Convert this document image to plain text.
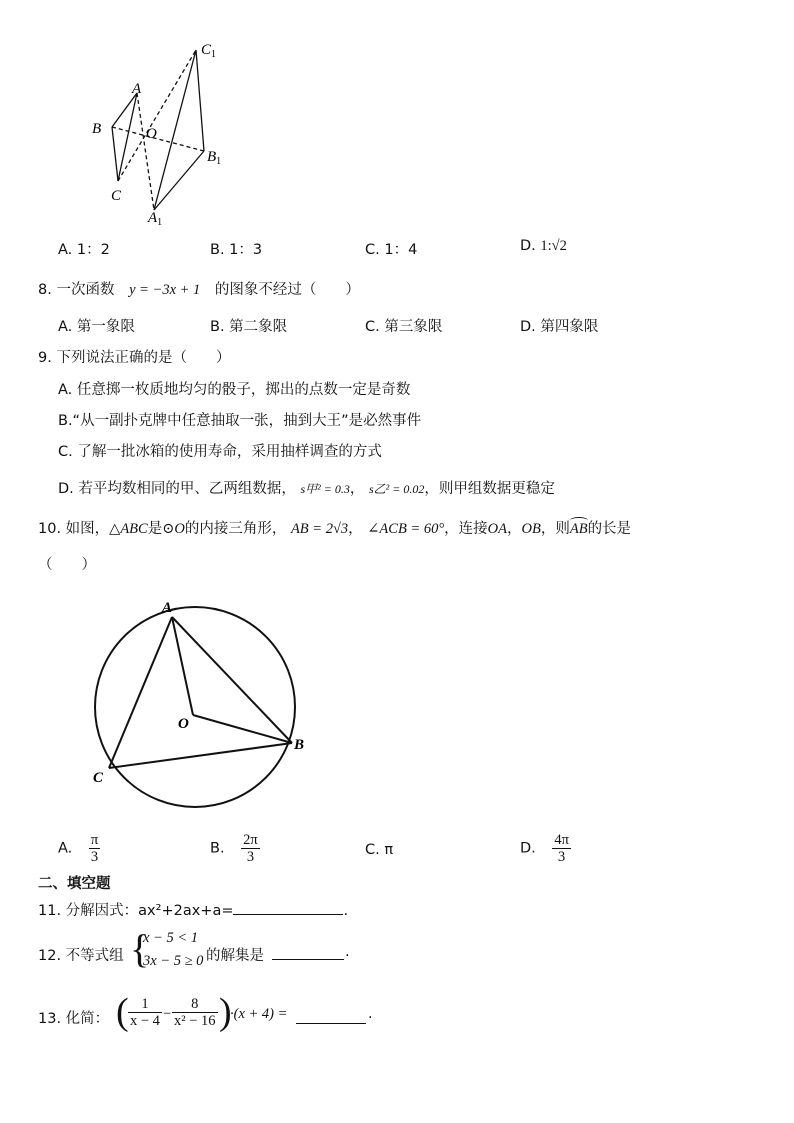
$C_1$
A
O
B
$B_1$
C
$A_1$
A. 1：2	B. 1：3	C. 1：4	D. 1:√2
8. 一次函数 y = −3x + 1 的图象不经过（　　）
A. 第一象限	B. 第二象限	C. 第三象限	D. 第四象限
9. 下列说法正确的是（　　）
A. 任意掷一枚质地均匀的骰子，掷出的点数一定是奇数
B.“从一副扑克牌中任意抽取一张，抽到大王”是必然事件
C. 了解一批冰箱的使用寿命，采用抽样调查的方式
D. 若平均数相同的甲、乙两组数据， s甲² = 0.3， s乙² = 0.02，则甲组数据更稳定
10. 如图，△ABC是⊙O的内接三角形， AB = 2√3， ∠ACB = 60°，连接OA，OB，则
AB的长是
（　　）
A
O
B
C
A. $\frac{\pi}{3}$	B. $\frac{2\pi}{3}$	C. π	D. $\frac{4\pi}{3}$
二、填空题
11. 分解因式：ax²+2ax+a=	.
12. 不等式组 {
x − 5 < 1
3x − 5 ≥ 0 的解集是	.
13. 化简： ( $\frac{1}{x - 4} - \frac{8}{\text{x² − 16}}$ )
·(x + 4) =	.
